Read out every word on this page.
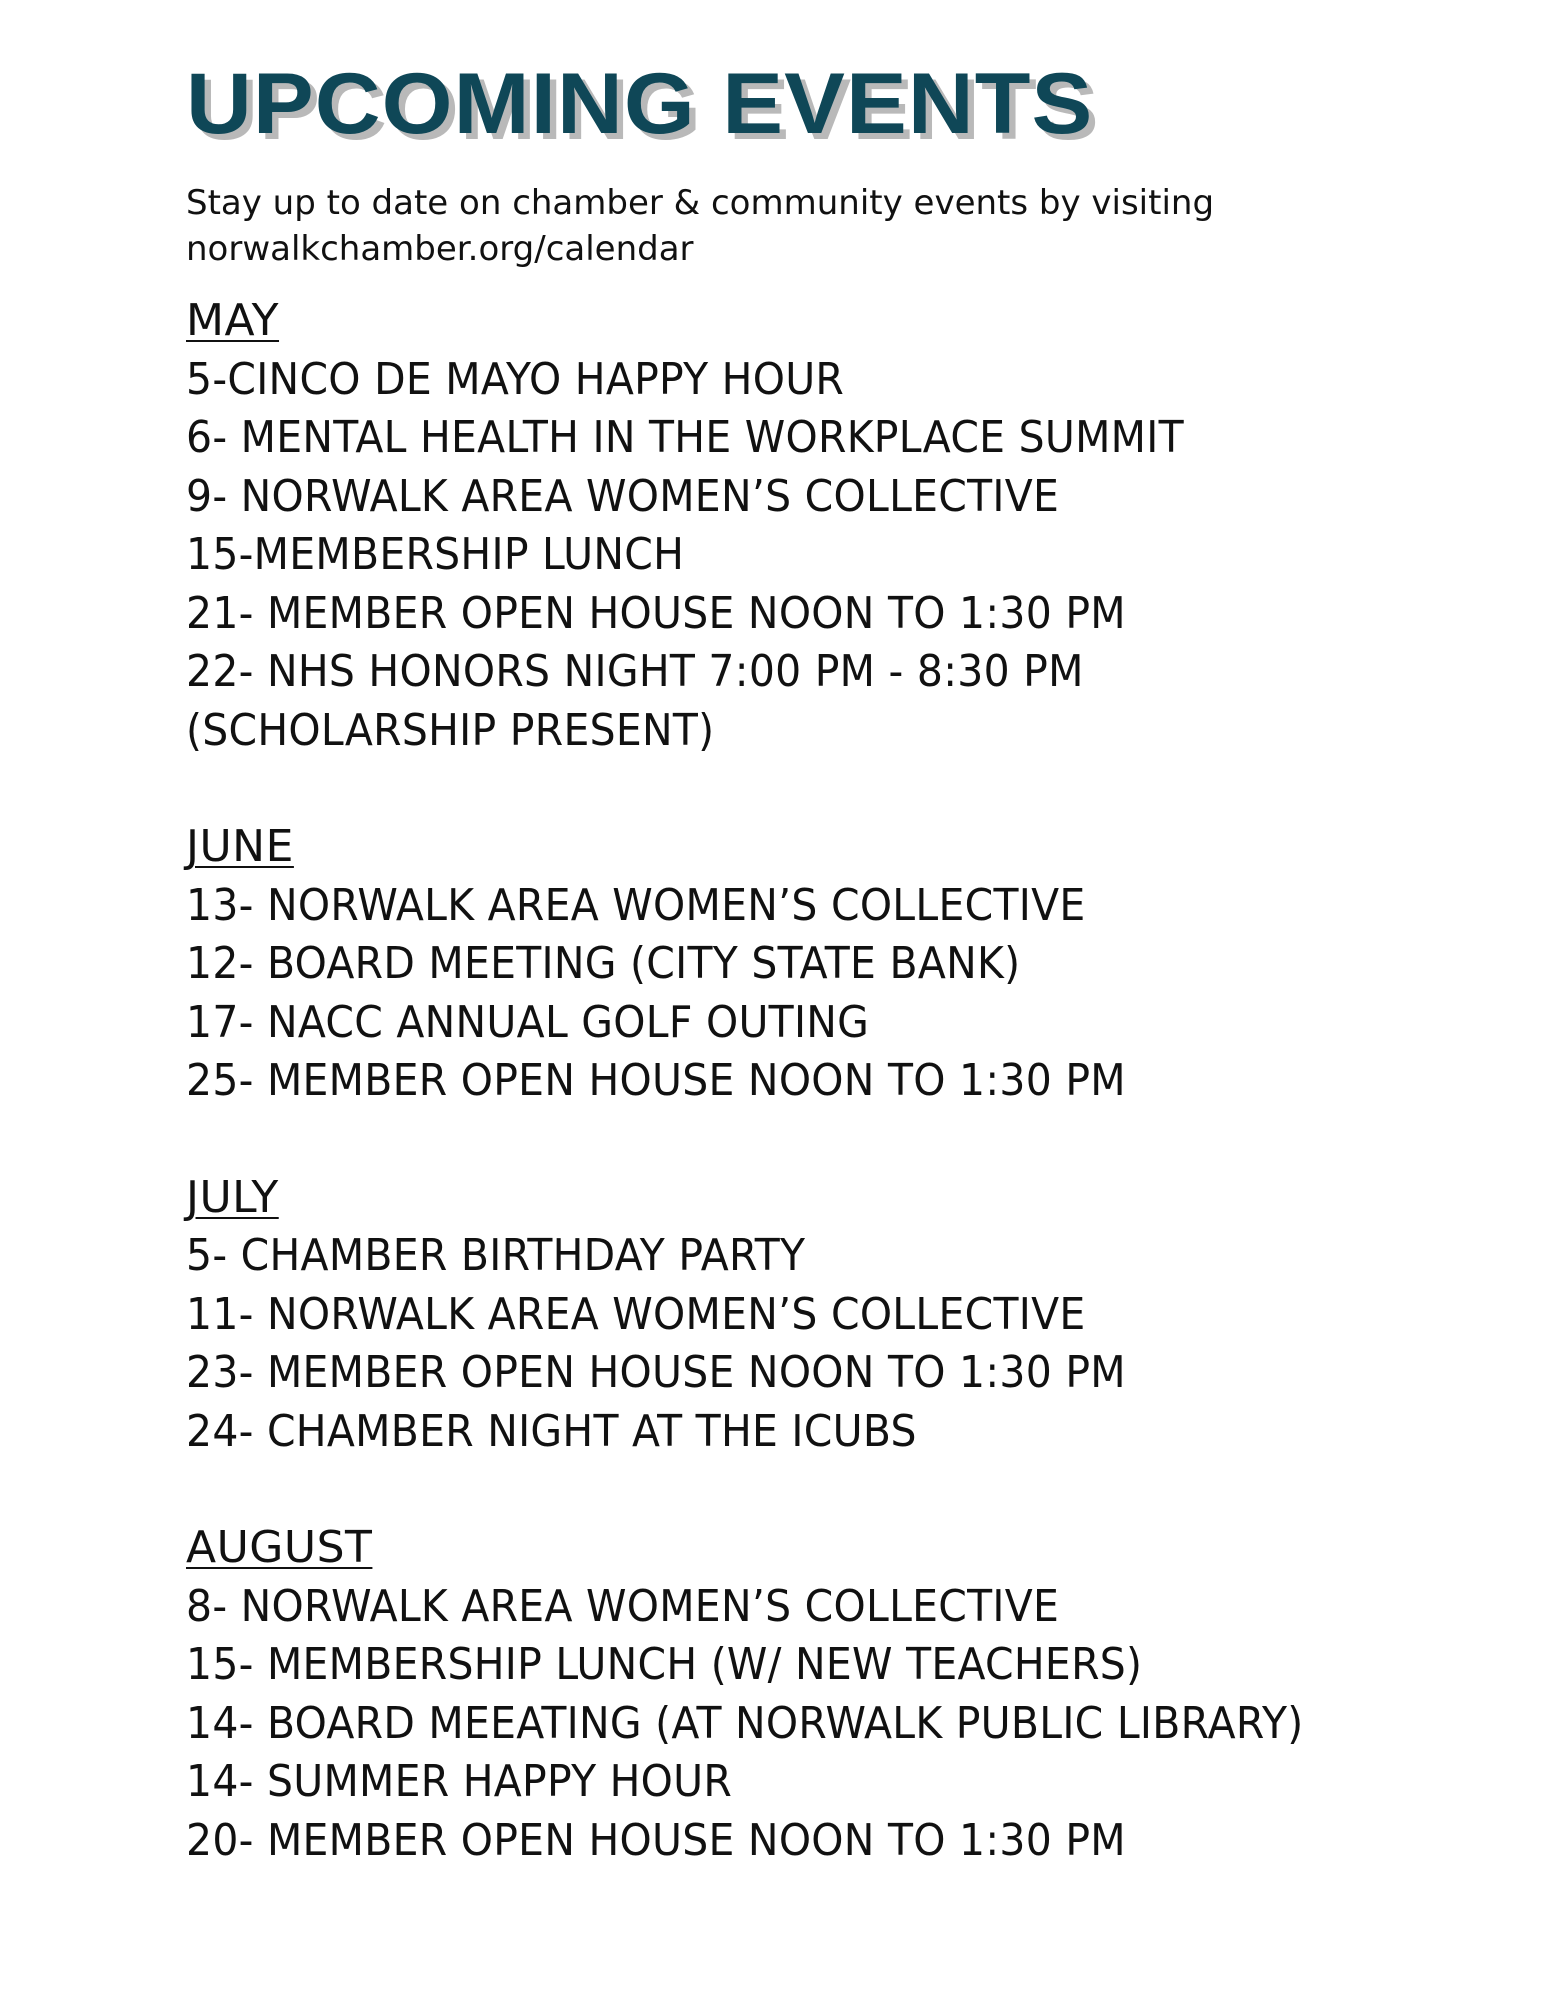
UPCOMING EVENTS
Stay up to date on chamber & community events by visiting
norwalkchamber.org/calendar
MAY
5-CINCO DE MAYO HAPPY HOUR
6- MENTAL HEALTH IN THE WORKPLACE SUMMIT
9- NORWALK AREA WOMEN’S COLLECTIVE
15-MEMBERSHIP LUNCH
21- MEMBER OPEN HOUSE NOON TO 1:30 PM
22- NHS HONORS NIGHT 7:00 PM - 8:30 PM (SCHOLARSHIP PRESENT)
JUNE
13- NORWALK AREA WOMEN’S COLLECTIVE
12- BOARD MEETING (CITY STATE BANK)
17- NACC ANNUAL GOLF OUTING
25- MEMBER OPEN HOUSE NOON TO 1:30 PM
JULY
5- CHAMBER BIRTHDAY PARTY
11- NORWALK AREA WOMEN’S COLLECTIVE
23- MEMBER OPEN HOUSE NOON TO 1:30 PM
24- CHAMBER NIGHT AT THE ICUBS
AUGUST
8- NORWALK AREA WOMEN’S COLLECTIVE
15- MEMBERSHIP LUNCH (W/ NEW TEACHERS)
14- BOARD MEEATING (AT NORWALK PUBLIC LIBRARY)
14- SUMMER HAPPY HOUR
20- MEMBER OPEN HOUSE NOON TO 1:30 PM
